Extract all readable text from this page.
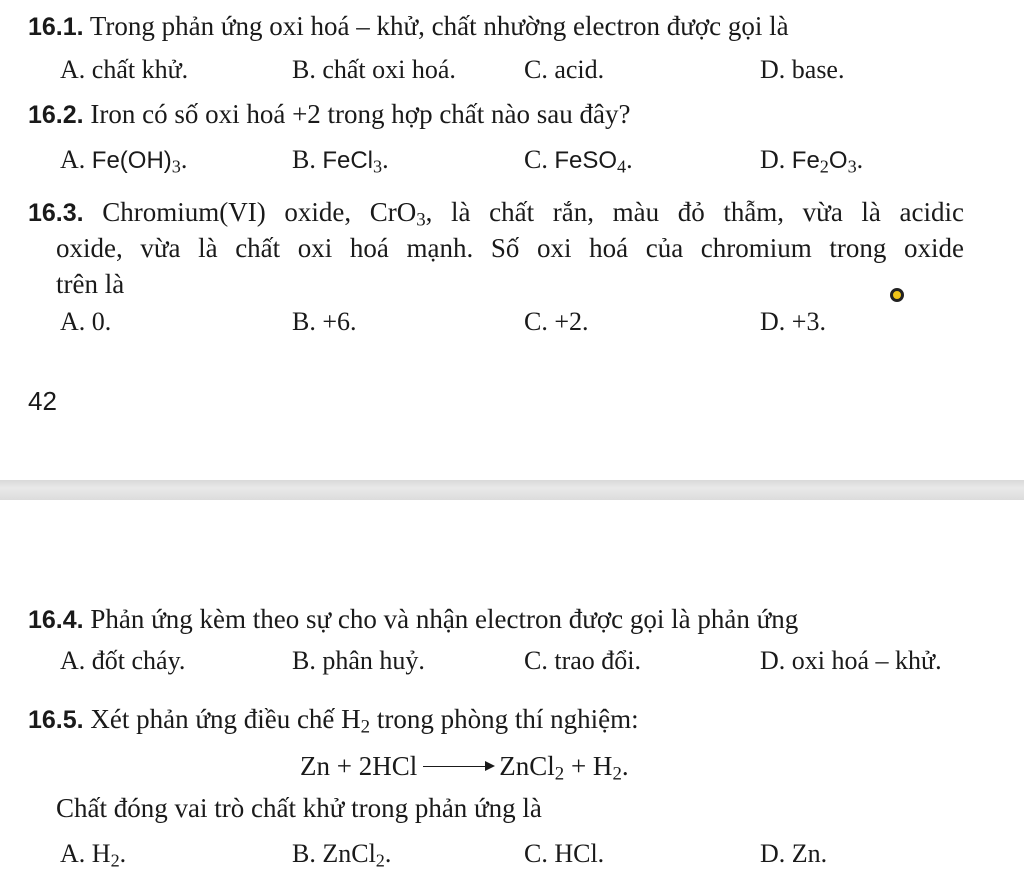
16.1. Trong phản ứng oxi hoá – khử, chất nhường electron được gọi là
A. chất khử.	B. chất oxi hoá.	C. acid.	D. base.
16.2. Iron có số oxi hoá +2 trong hợp chất nào sau đây?
A. $Fe(OH)_3$.	B. FeCl$_3$.	C. FeSO$_4$.	D. $Fe_2O_3$.
16.3. Chromium(VI) oxide, CrO$_3$, là chất rắn, màu đỏ thẫm, vừa là acidic
oxide, vừa là chất oxi hoá mạnh. Số oxi hoá của chromium trong oxide
trên là
A. 0.	B. +6.	C. +2.	D. +3.
42
16.4. Phản ứng kèm theo sự cho và nhận electron được gọi là phản ứng
A. đốt cháy.	B. phân huỷ.	C. trao đổi.	D. oxi hoá – khử.
16.5. Xét phản ứng điều chế $H_2$ trong phòng thí nghiệm:
Zn + 2HCl → ZnCl$_2$ + $H_2$.
Chất đóng vai trò chất khử trong phản ứng là
A. $H_2$.	B. ZnCl$_2$.	C. HCl.	D. Zn.
